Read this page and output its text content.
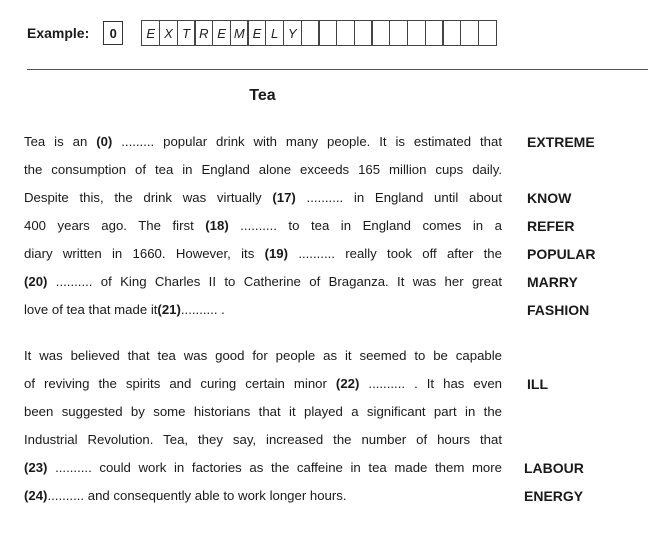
Example:	0	E X T R E M E L Y
Tea
Tea is an (0) ......... popular drink with many people. It is estimated that
the consumption of tea in England alone exceeds 165 million cups daily.
Despite this, the drink was virtually (17) .......... in England until about
400 years ago. The first (18) .......... to tea in England comes in a
diary written in 1660. However, its (19) .......... really took off after the
(20) .......... of King Charles II to Catherine of Braganza. It was her great
love of tea that made it (21) .......... .
It was believed that tea was good for people as it seemed to be capable
of reviving the spirits and curing certain minor (22) .......... . It has even
been suggested by some historians that it played a significant part in the
Industrial Revolution. Tea, they say, increased the number of hours that
(23) .......... could work in factories as the caffeine in tea made them more
(24) .......... and consequently able to work longer hours.
EXTREME
KNOW
REFER
POPULAR
MARRY
FASHION
ILL
LABOUR
ENERGY
